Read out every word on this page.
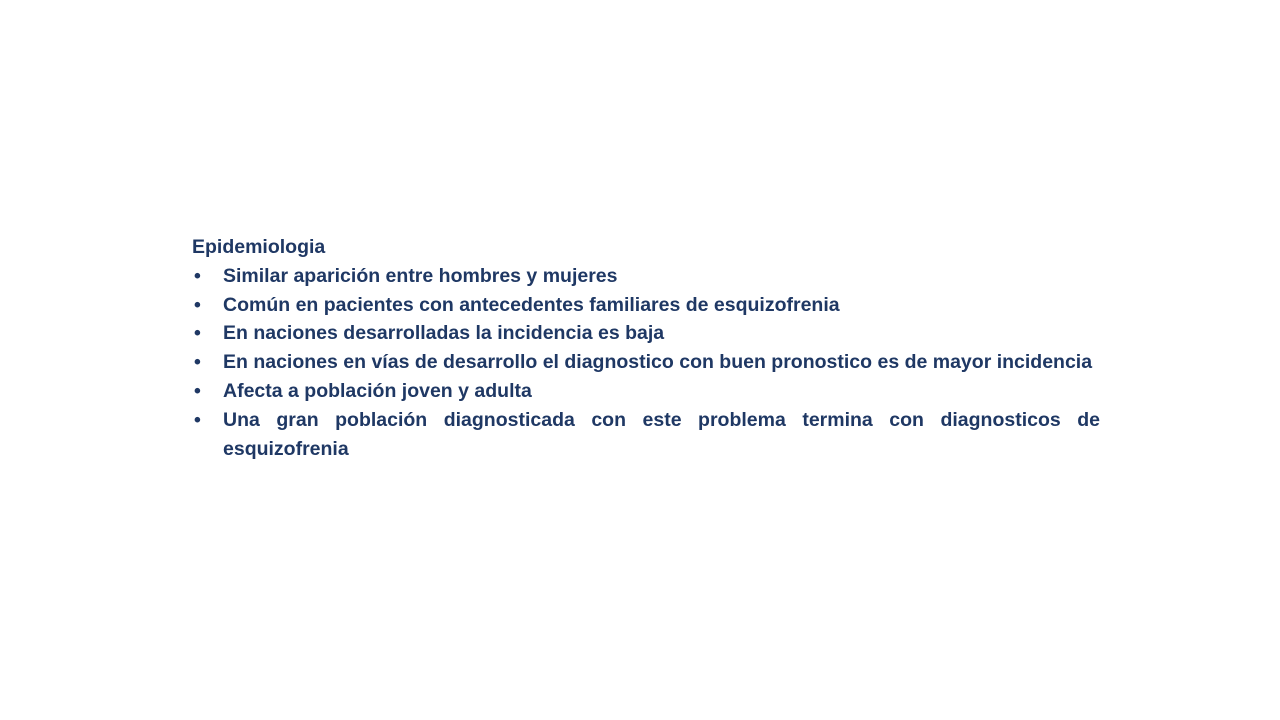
Epidemiologia

• Similar aparición entre hombres y mujeres
• Común en pacientes con antecedentes familiares de esquizofrenia
• En naciones desarrolladas la incidencia es baja
• En naciones en vías de desarrollo el diagnostico con buen pronostico es de mayor incidencia
• Afecta a población joven y adulta
• Una gran población diagnosticada con este problema termina con diagnosticos de esquizofrenia
